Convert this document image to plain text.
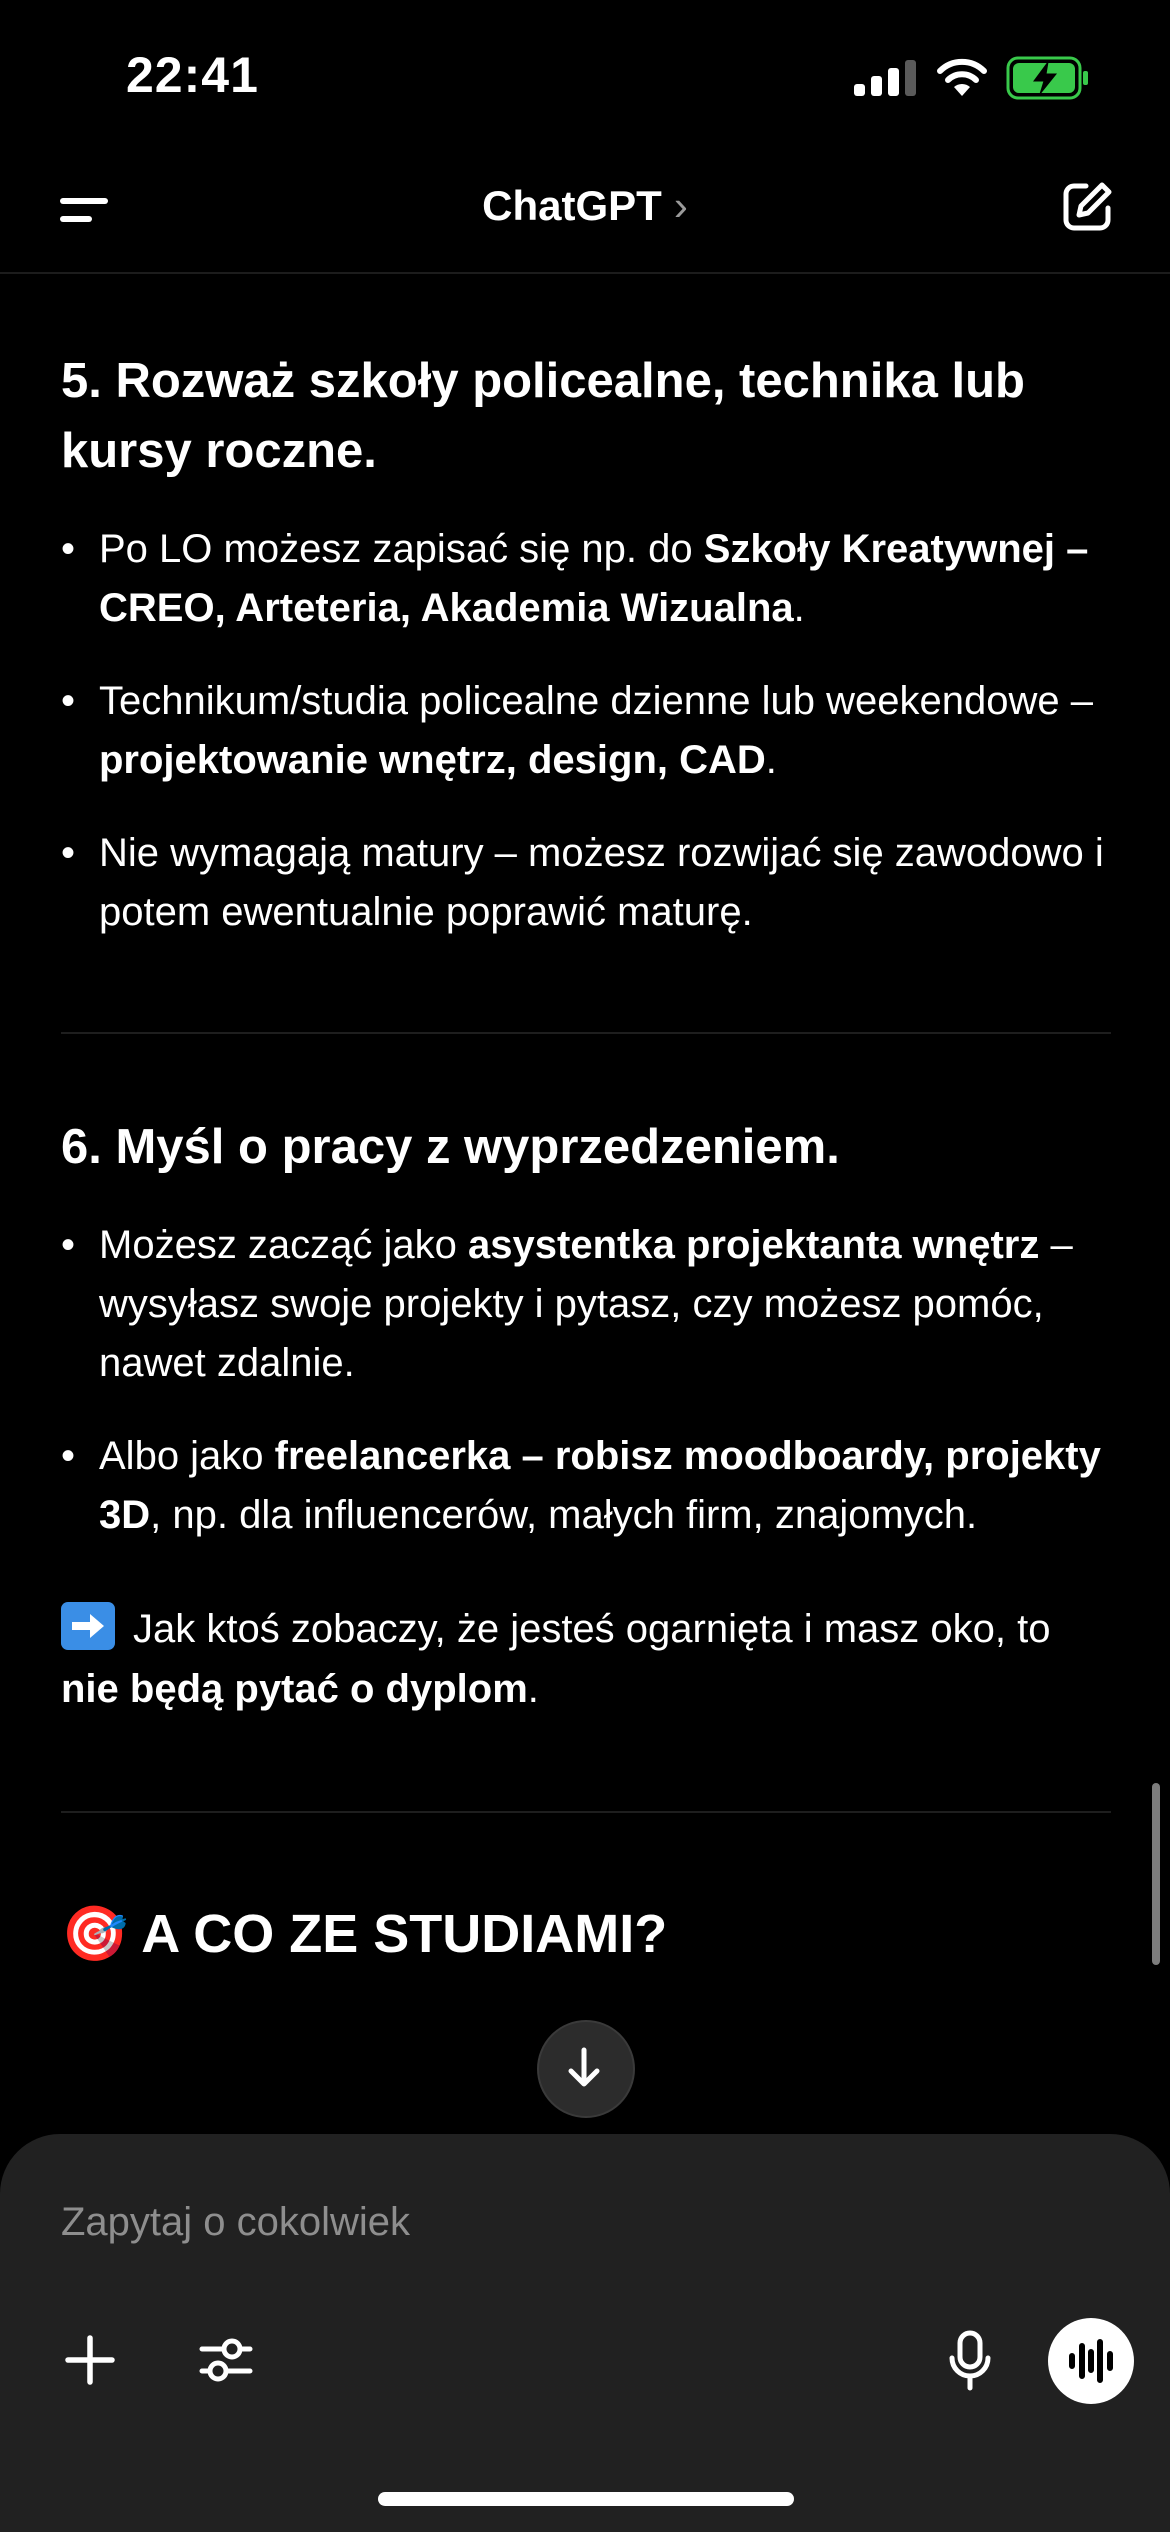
22:41
ChatGPT ›
5. Rozważ szkoły policealne, technika lub kursy roczne.
• Po LO możesz zapisać się np. do Szkoły Kreatywnej – CREO, Arteteria, Akademia Wizualna.
• Technikum/studia policealne dzienne lub weekendowe – projektowanie wnętrz, design, CAD.
• Nie wymagają matury – możesz rozwijać się zawodowo i potem ewentualnie poprawić maturę.
6. Myśl o pracy z wyprzedzeniem.
• Możesz zacząć jako asystentka projektanta wnętrz – wysyłasz swoje projekty i pytasz, czy możesz pomóc, nawet zdalnie.
• Albo jako freelancerka – robisz moodboardy, projekty 3D, np. dla influencerów, małych firm, znajomych.
Jak ktoś zobaczy, że jesteś ogarnięta i masz oko, to nie będą pytać o dyplom.
🎯 A CO ZE STUDIAMI?
Zapytaj o cokolwiek
